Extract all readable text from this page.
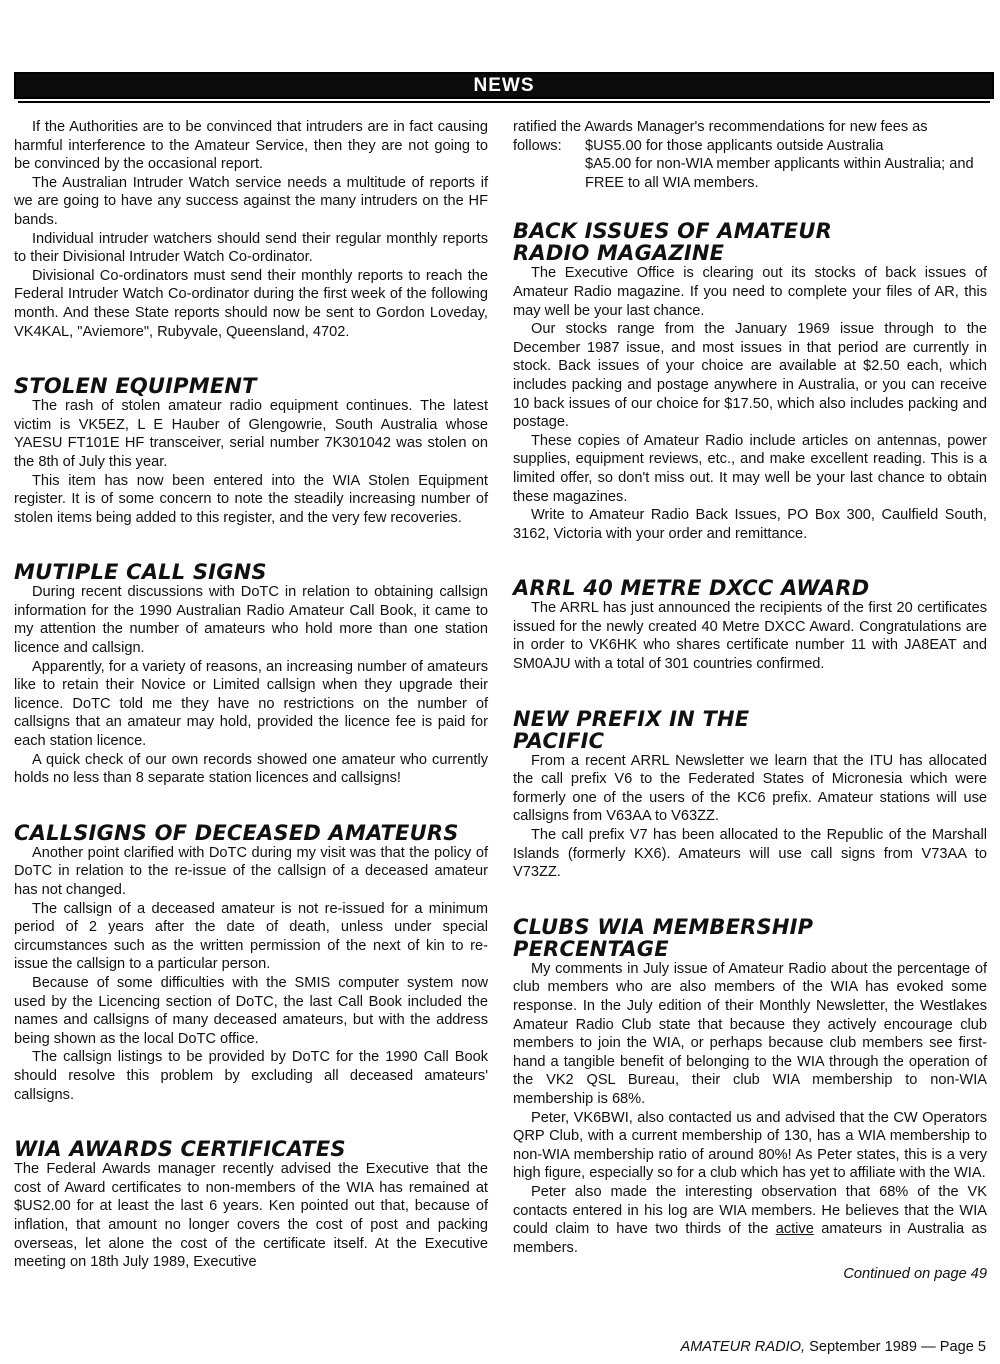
NEWS

If the Authorities are to be convinced that intruders are in fact causing harmful interference to the Amateur Service, then they are not going to be convinced by the occasional report.

The Australian Intruder Watch service needs a multitude of reports if we are going to have any success against the many intruders on the HF bands.

Individual intruder watchers should send their regular monthly reports to their Divisional Intruder Watch Co-ordinator.

Divisional Co-ordinators must send their monthly reports to reach the Federal Intruder Watch Co-ordinator during the first week of the following month. And these State reports should now be sent to Gordon Loveday, VK4KAL, "Aviemore", Rubyvale, Queensland, 4702.

STOLEN EQUIPMENT

The rash of stolen amateur radio equipment continues. The latest victim is VK5EZ, L E Hauber of Glengowrie, South Australia whose YAESU FT101E HF transceiver, serial number 7K301042 was stolen on the 8th of July this year.

This item has now been entered into the WIA Stolen Equipment register. It is of some concern to note the steadily increasing number of stolen items being added to this register, and the very few recoveries.

MUTIPLE CALL SIGNS

During recent discussions with DoTC in relation to obtaining callsign information for the 1990 Australian Radio Amateur Call Book, it came to my attention the number of amateurs who hold more than one station licence and callsign.

Apparently, for a variety of reasons, an increasing number of amateurs like to retain their Novice or Limited callsign when they upgrade their licence. DoTC told me they have no restrictions on the number of callsigns that an amateur may hold, provided the licence fee is paid for each station licence.

A quick check of our own records showed one amateur who currently holds no less than 8 separate station licences and callsigns!

CALLSIGNS OF DECEASED AMATEURS

Another point clarified with DoTC during my visit was that the policy of DoTC in relation to the re-issue of the callsign of a deceased amateur has not changed.

The callsign of a deceased amateur is not re-issued for a minimum period of 2 years after the date of death, unless under special circumstances such as the written permission of the next of kin to re-issue the callsign to a particular person.

Because of some difficulties with the SMIS computer system now used by the Licencing section of DoTC, the last Call Book included the names and callsigns of many deceased amateurs, but with the address being shown as the local DoTC office.

The callsign listings to be provided by DoTC for the 1990 Call Book should resolve this problem by excluding all deceased amateurs' callsigns.

WIA AWARDS CERTIFICATES

The Federal Awards manager recently advised the Executive that the cost of Award certificates to non-members of the WIA has remained at $US2.00 for at least the last 6 years. Ken pointed out that, because of inflation, that amount no longer covers the cost of post and packing overseas, let alone the cost of the certificate itself. At the Executive meeting on 18th July 1989, Executive

ratified the Awards Manager's recommendations for new fees as

follows:	$US5.00 for those applicants outside Australia

$A5.00 for non-WIA member applicants within Australia; and

FREE to all WIA members.

BACK ISSUES OF AMATEUR
RADIO MAGAZINE

The Executive Office is clearing out its stocks of back issues of Amateur Radio magazine. If you need to complete your files of AR, this may well be your last chance.

Our stocks range from the January 1969 issue through to the December 1987 issue, and most issues in that period are currently in stock. Back issues of your choice are available at $2.50 each, which includes packing and postage anywhere in Australia, or you can receive 10 back issues of our choice for $17.50, which also includes packing and postage.

These copies of Amateur Radio include articles on antennas, power supplies, equipment reviews, etc., and make excellent reading. This is a limited offer, so don't miss out. It may well be your last chance to obtain these magazines.

Write to Amateur Radio Back Issues, PO Box 300, Caulfield South, 3162, Victoria with your order and remittance.

ARRL 40 METRE DXCC AWARD

The ARRL has just announced the recipients of the first 20 certificates issued for the newly created 40 Metre DXCC Award. Congratulations are in order to VK6HK who shares certificate number 11 with JA8EAT and SM0AJU with a total of 301 countries confirmed.

NEW PREFIX IN THE
PACIFIC

From a recent ARRL Newsletter we learn that the ITU has allocated the call prefix V6 to the Federated States of Micronesia which were formerly one of the users of the KC6 prefix. Amateur stations will use callsigns from V63AA to V63ZZ.

The call prefix V7 has been allocated to the Republic of the Marshall Islands (formerly KX6). Amateurs will use call signs from V73AA to V73ZZ.

CLUBS WIA MEMBERSHIP
PERCENTAGE

My comments in July issue of Amateur Radio about the percentage of club members who are also members of the WIA has evoked some response. In the July edition of their Monthly Newsletter, the Westlakes Amateur Radio Club state that because they actively encourage club members to join the WIA, or perhaps because club members see first-hand a tangible benefit of belonging to the WIA through the operation of the VK2 QSL Bureau, their club WIA membership to non-WIA membership is 68%.

Peter, VK6BWI, also contacted us and advised that the CW Operators QRP Club, with a current membership of 130, has a WIA membership to non-WIA membership ratio of around 80%! As Peter states, this is a very high figure, especially so for a club which has yet to affiliate with the WIA.

Peter also made the interesting observation that 68% of the VK contacts entered in his log are WIA members. He believes that the WIA could claim to have two thirds of the active amateurs in Australia as members.

Continued on page 49

AMATEUR RADIO, September 1989 — Page 5
